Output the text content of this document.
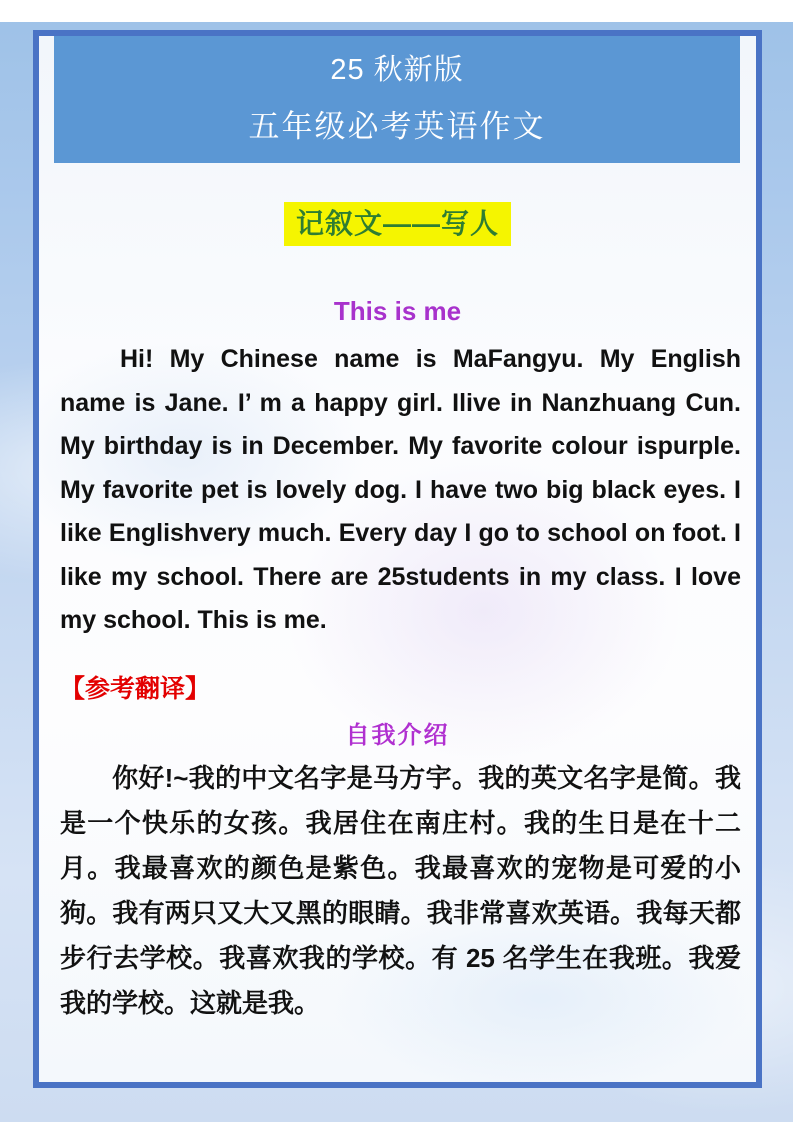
25 秋新版
五年级必考英语作文
记叙文——写人
This is me
Hi! My Chinese name is MaFangyu. My English name is Jane. I’ m a happy girl. Ilive in Nanzhuang Cun. My birthday is in December. My favorite colour ispurple. My favorite pet is lovely dog. I have two big black eyes. I like Englishvery much. Every day I go to school on foot. I like my school. There are 25students in my class. I love my school. This is me.
【参考翻译】
自我介绍
你好!~我的中文名字是马方宇。我的英文名字是简。我是一个快乐的女孩。我居住在南庄村。我的生日是在十二月。我最喜欢的颜色是紫色。我最喜欢的宠物是可爱的小狗。我有两只又大又黑的眼睛。我非常喜欢英语。我每天都步行去学校。我喜欢我的学校。有 25 名学生在我班。我爱我的学校。这就是我。
